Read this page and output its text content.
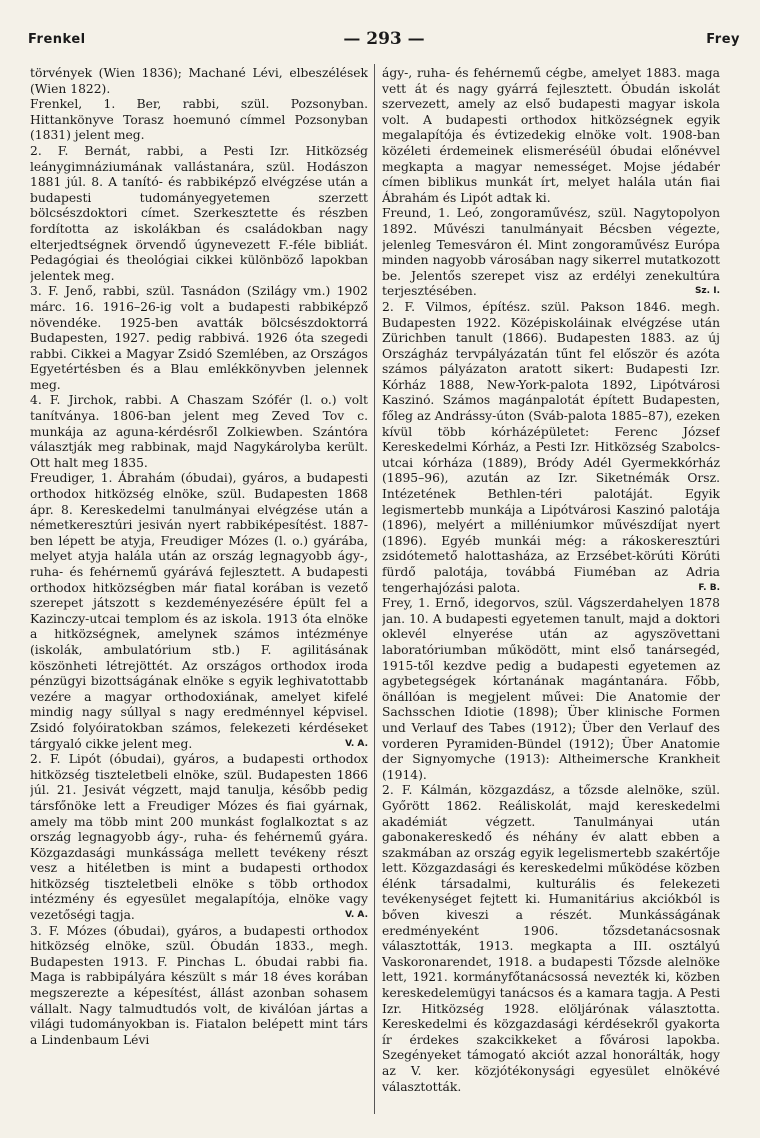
Frenkel	— 293 —	Frey

törvények (Wien 1836); Machané Lévi, elbeszélések (Wien 1822).

Frenkel, 1. Ber, rabbi, szül. Pozsonyban. Hittankönyve Torasz hoemunó címmel Pozsonyban (1831) jelent meg.

2. F. Bernát, rabbi, a Pesti Izr. Hitközség leánygimnáziumának vallástanára, szül. Hodászon 1881 júl. 8. A tanító- és rabbiképző elvégzése után a budapesti tudományegyetemen szerzett bölcsészdoktori címet. Szerkesztette és részben fordította az iskolákban és családokban nagy elterjedtségnek örvendő úgynevezett F.-féle bibliát. Pedagógiai és theológiai cikkei különböző lapokban jelentek meg.

3. F. Jenő, rabbi, szül. Tasnádon (Szilágy vm.) 1902 márc. 16. 1916–26-ig volt a budapesti rabbiképző növendéke. 1925-ben avatták bölcsészdoktorrá Budapesten, 1927. pedig rabbivá. 1926 óta szegedi rabbi. Cikkei a Magyar Zsidó Szemlében, az Országos Egyetértésben és a Blau emlékkönyvben jelennek meg.

4. F. Jirchok, rabbi. A Chaszam Szófér (l. o.) volt tanítványa. 1806-ban jelent meg Zeved Tov c. munkája az aguna-kérdésről Zolkiewben. Szántóra választják meg rabbinak, majd Nagykárolyba került. Ott halt meg 1835.

Freudiger, 1. Ábrahám (óbudai), gyáros, a budapesti orthodox hitközség elnöke, szül. Budapesten 1868 ápr. 8. Kereskedelmi tanulmányai elvégzése után a németkeresztúri jesiván nyert rabbiképesítést. 1887-ben lépett be atyja, Freudiger Mózes (l. o.) gyárába, melyet atyja halála után az ország legnagyobb ágy-, ruha- és fehérnemű gyárává fejlesztett. A budapesti orthodox hitközségben már fiatal korában is vezető szerepet játszott s kezdeményezésére épült fel a Kazinczy-utcai templom és az iskola. 1913 óta elnöke a hitközségnek, amelynek számos intézménye (iskolák, ambulatórium stb.) F. agilitásának köszönheti létrejöttét. Az országos orthodox iroda pénzügyi bizottságának elnöke s egyik leghivatottabb vezére a magyar orthodoxiának, amelyet kifelé mindig nagy súllyal s nagy eredménnyel képvisel. Zsidó folyóiratokban számos, felekezeti kérdéseket tárgyaló cikke jelent meg.	V. A.

2. F. Lipót (óbudai), gyáros, a budapesti orthodox hitközség tiszteletbeli elnöke, szül. Budapesten 1866 júl. 21. Jesivát végzett, majd tanulja, később pedig társfőnöke lett a Freudiger Mózes és fiai gyárnak, amely ma több mint 200 munkást foglalkoztat s az ország legnagyobb ágy-, ruha- és fehérnemű gyára. Közgazdasági munkássága mellett tevékeny részt vesz a hitéletben is mint a budapesti orthodox hitközség tiszteletbeli elnöke s több orthodox intézmény és egyesület megalapítója, elnöke vagy vezetőségi tagja.	V. A.

3. F. Mózes (óbudai), gyáros, a budapesti orthodox hitközség elnöke, szül. Óbudán 1833., megh. Budapesten 1913. F. Pinchas L. óbudai rabbi fia. Maga is rabbipályára készült s már 18 éves korában megszerezte a képesítést, állást azonban sohasem vállalt. Nagy talmudtudós volt, de kiválóan jártas a világi tudományokban is. Fiatalon belépett mint társ a Lindenbaum Lévi

ágy-, ruha- és fehérnemű cégbe, amelyet 1883. maga vett át és nagy gyárrá fejlesztett. Óbudán iskolát szervezett, amely az első budapesti magyar iskola volt. A budapesti orthodox hitközségnek egyik megalapítója és évtizedekig elnöke volt. 1908-ban közéleti érdemeinek elismeréséül óbudai előnévvel megkapta a magyar nemességet. Mojse jédabér címen biblikus munkát írt, melyet halála után fiai Ábrahám és Lipót adtak ki.

Freund, 1. Leó, zongoraművész, szül. Nagytopolyon 1892. Művészi tanulmányait Bécsben végezte, jelenleg Temesváron él. Mint zongoraművész Európa minden nagyobb városában nagy sikerrel mutatkozott be. Jelentős szerepet visz az erdélyi zenekultúra terjesztésében.	Sz. I.

2. F. Vilmos, építész. szül. Pakson 1846. megh. Budapesten 1922. Középiskoláinak elvégzése után Zürichben tanult (1866). Budapesten 1883. az új Országház tervpályázatán tűnt fel először és azóta számos pályázaton aratott sikert: Budapesti Izr. Kórház 1888, New-York-palota 1892, Lipótvárosi Kaszinó. Számos magánpalotát épített Budapesten, főleg az Andrássy-úton (Sváb-palota 1885–87), ezeken kívül több kórházépületet: Ferenc József Kereskedelmi Kórház, a Pesti Izr. Hitközség Szabolcs-utcai kórháza (1889), Bródy Adél Gyermekkórház (1895–96), azután az Izr. Siketnémák Orsz. Intézetének Bethlen-téri palotáját. Egyik legismertebb munkája a Lipótvárosi Kaszinó palotája (1896), melyért a milléniumkor művészdíjat nyert (1896). Egyéb munkái még: a rákoskeresztúri zsidótemető halottasháza, az Erzsébet-körúti Körúti fürdő palotája, továbbá Fiuméban az Adria tengerhajózási palota.	F. B.

Frey, 1. Ernő, idegorvos, szül. Vágszerdahelyen 1878 jan. 10. A budapesti egyetemen tanult, majd a doktori oklevél elnyerése után az agyszövettani laboratóriumban működött, mint első tanársegéd, 1915-től kezdve pedig a budapesti egyetemen az agybetegségek kórtanának magántanára. Főbb, önállóan is megjelent művei: Die Anatomie der Sachsschen Idiotie (1898); Über klinische Formen und Verlauf des Tabes (1912); Über den Verlauf des vorderen Pyramiden-Bündel (1912); Über Anatomie der Signyomyche (1913): Altheimersche Krankheit (1914).

2. F. Kálmán, közgazdász, a tőzsde alelnöke, szül. Győrött 1862. Reáliskolát, majd kereskedelmi akadémiát végzett. Tanulmányai után gabonakereskedő és néhány év alatt ebben a szakmában az ország egyik legelismertebb szakértője lett. Közgazdasági és kereskedelmi működése közben élénk társadalmi, kulturális és felekezeti tevékenységet fejtett ki. Humanitárius akciókból is bőven kiveszi a részét. Munkásságának eredményeként 1906. tőzsdetanácsosnak választották, 1913. megkapta a III. osztályú Vaskoronarendet, 1918. a budapesti Tőzsde alelnöke lett, 1921. kormányfőtanácsossá nevezték ki, közben kereskedelemügyi tanácsos és a kamara tagja. A Pesti Izr. Hitközség 1928. elöljárónak választotta. Kereskedelmi és közgazdasági kérdésekről gyakorta ír érdekes szakcikkeket a fővárosi lapokba. Szegényeket támogató akciót azzal honorálták, hogy az V. ker. közjótékonysági egyesület elnökévé választották.
